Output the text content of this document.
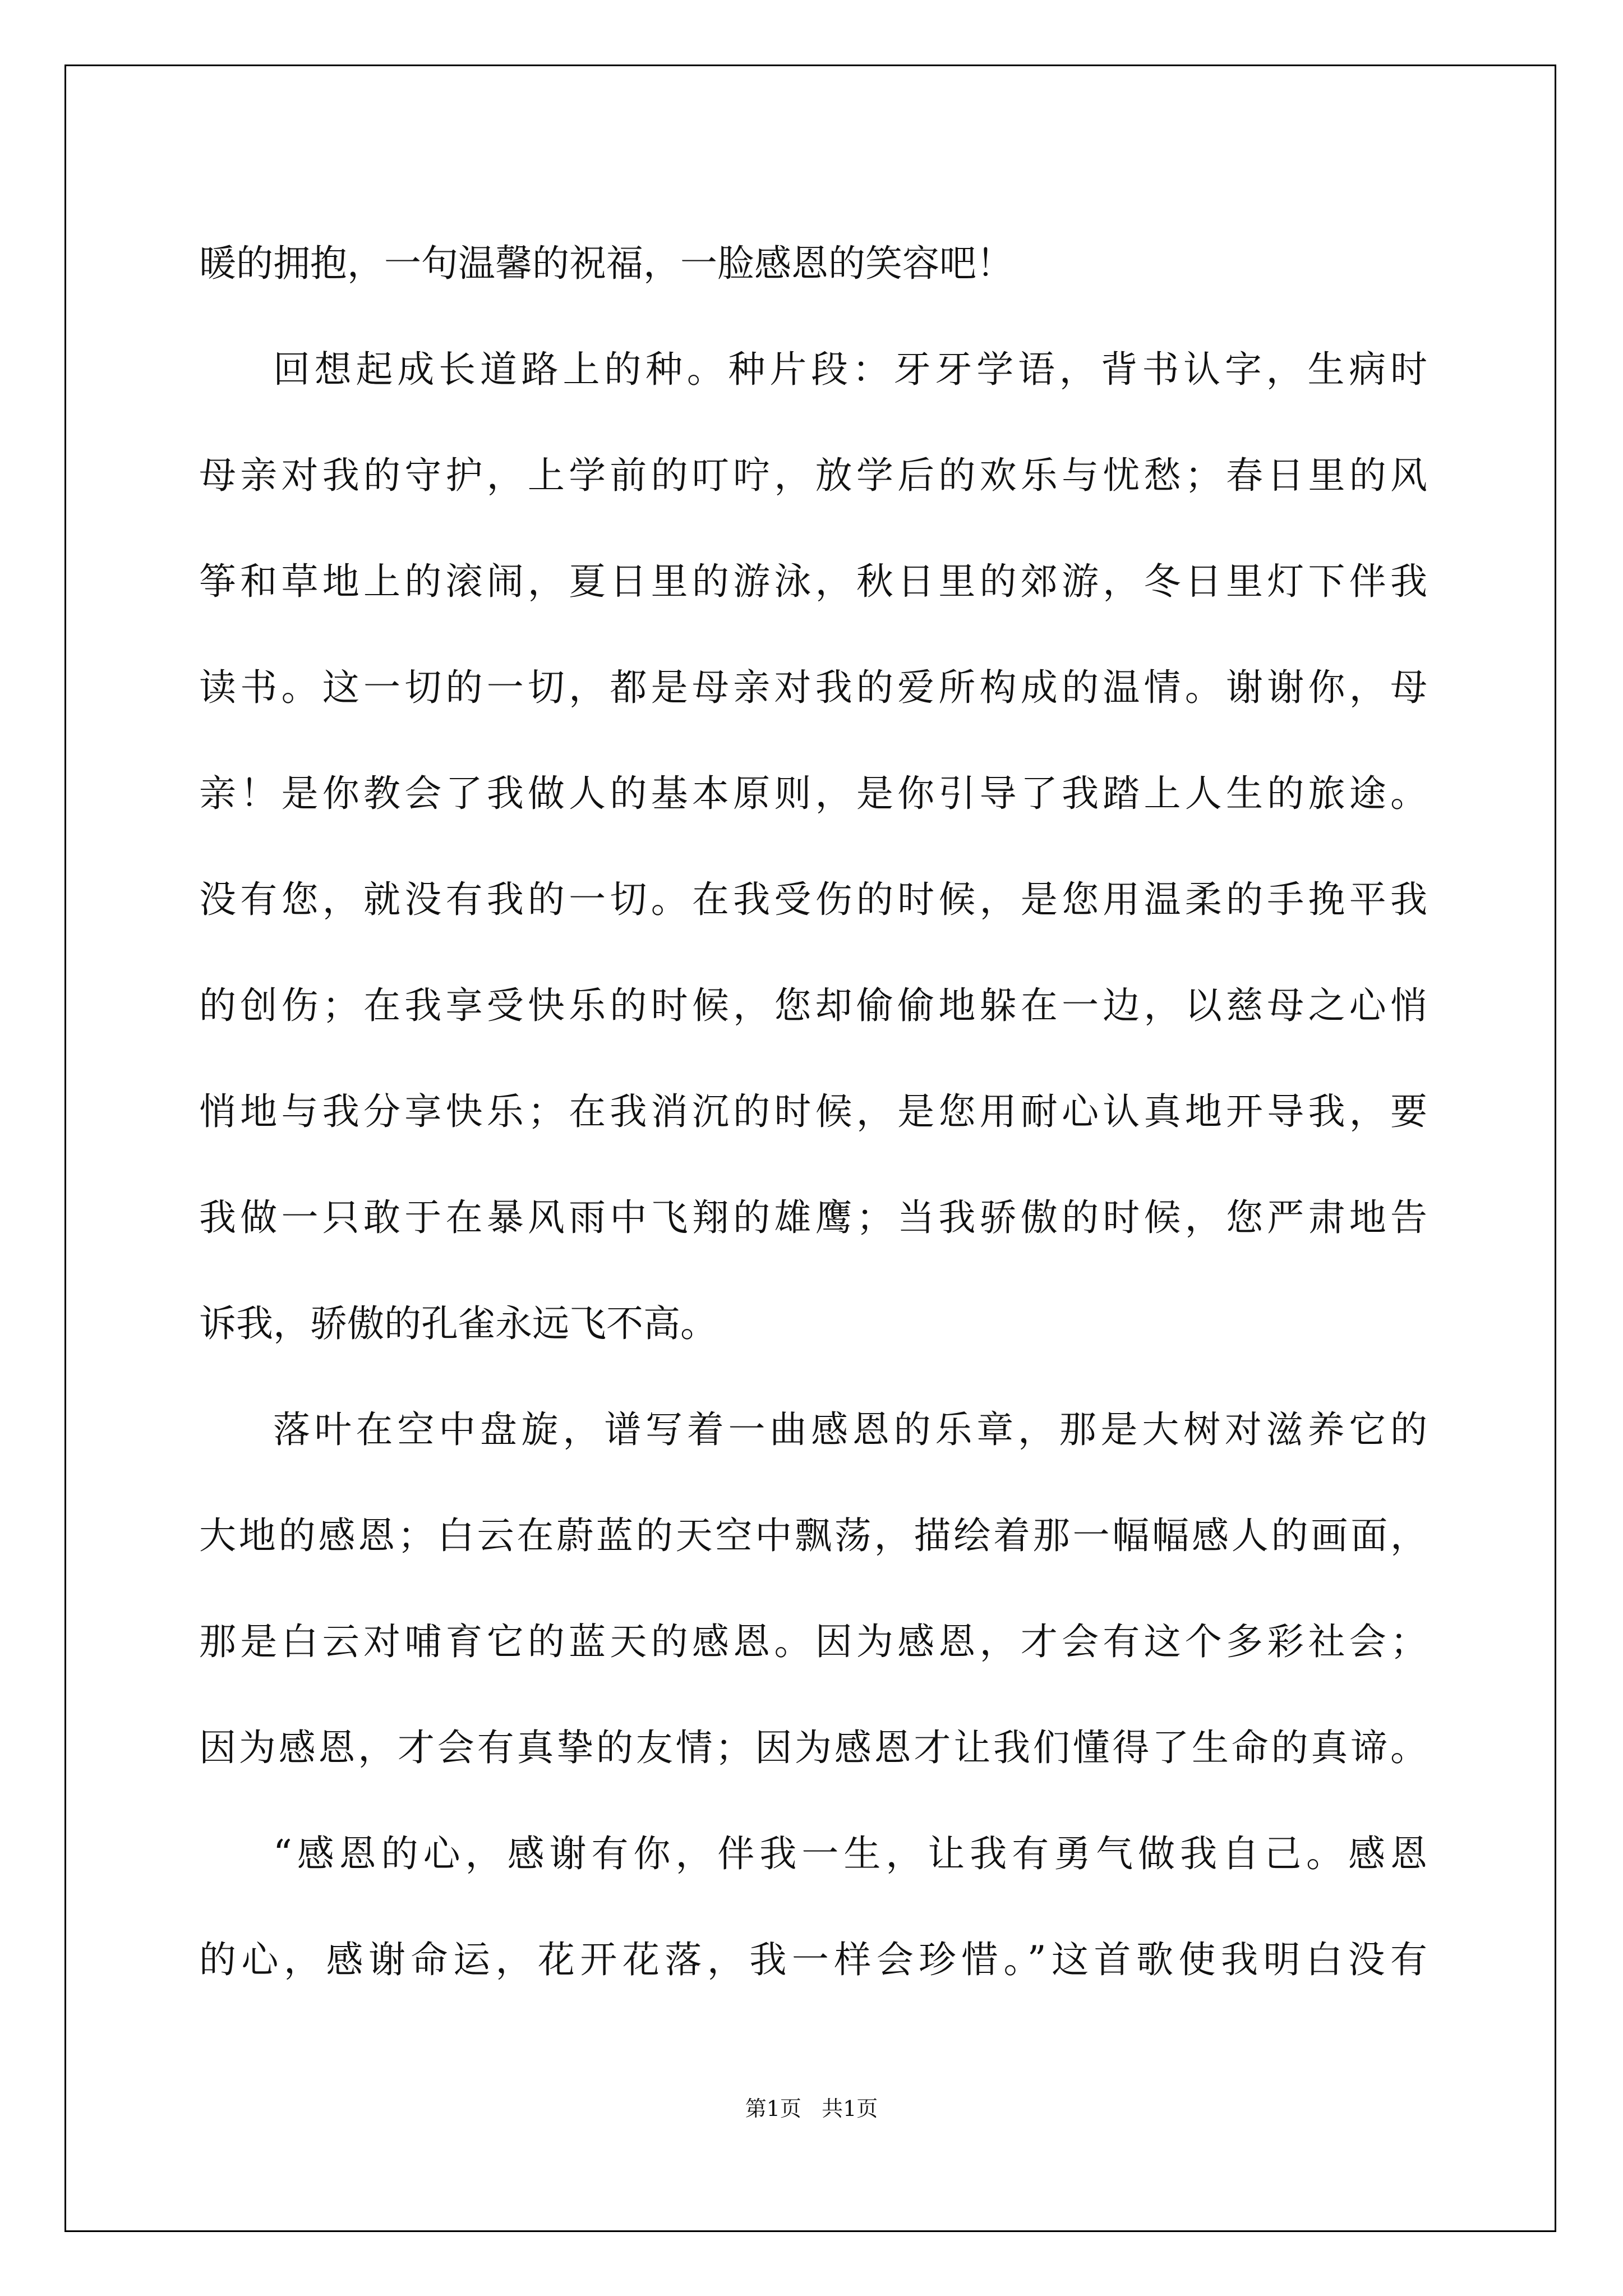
暖的拥抱，一句温馨的祝福，一脸感恩的笑容吧！
回想起成长道路上的种。种片段：牙牙学语，背书认字，生病时
母亲对我的守护，上学前的叮咛，放学后的欢乐与忧愁；春日里的风
筝和草地上的滚闹，夏日里的游泳，秋日里的郊游，冬日里灯下伴我
读书。这一切的一切，都是母亲对我的爱所构成的温情。谢谢你，母
亲！是你教会了我做人的基本原则，是你引导了我踏上人生的旅途。
没有您，就没有我的一切。在我受伤的时候，是您用温柔的手挽平我
的创伤；在我享受快乐的时候，您却偷偷地躲在一边，以慈母之心悄
悄地与我分享快乐；在我消沉的时候，是您用耐心认真地开导我，要
我做一只敢于在暴风雨中飞翔的雄鹰；当我骄傲的时候，您严肃地告
诉我，骄傲的孔雀永远飞不高。
落叶在空中盘旋，谱写着一曲感恩的乐章，那是大树对滋养它的
大地的感恩；白云在蔚蓝的天空中飘荡，描绘着那一幅幅感人的画面，
那是白云对哺育它的蓝天的感恩。因为感恩，才会有这个多彩社会；
因为感恩，才会有真挚的友情；因为感恩才让我们懂得了生命的真谛。
“感恩的心，感谢有你，伴我一生，让我有勇气做我自己。感恩
的心，感谢命运，花开花落，我一样会珍惜。”这首歌使我明白没有
第1页   共1页
